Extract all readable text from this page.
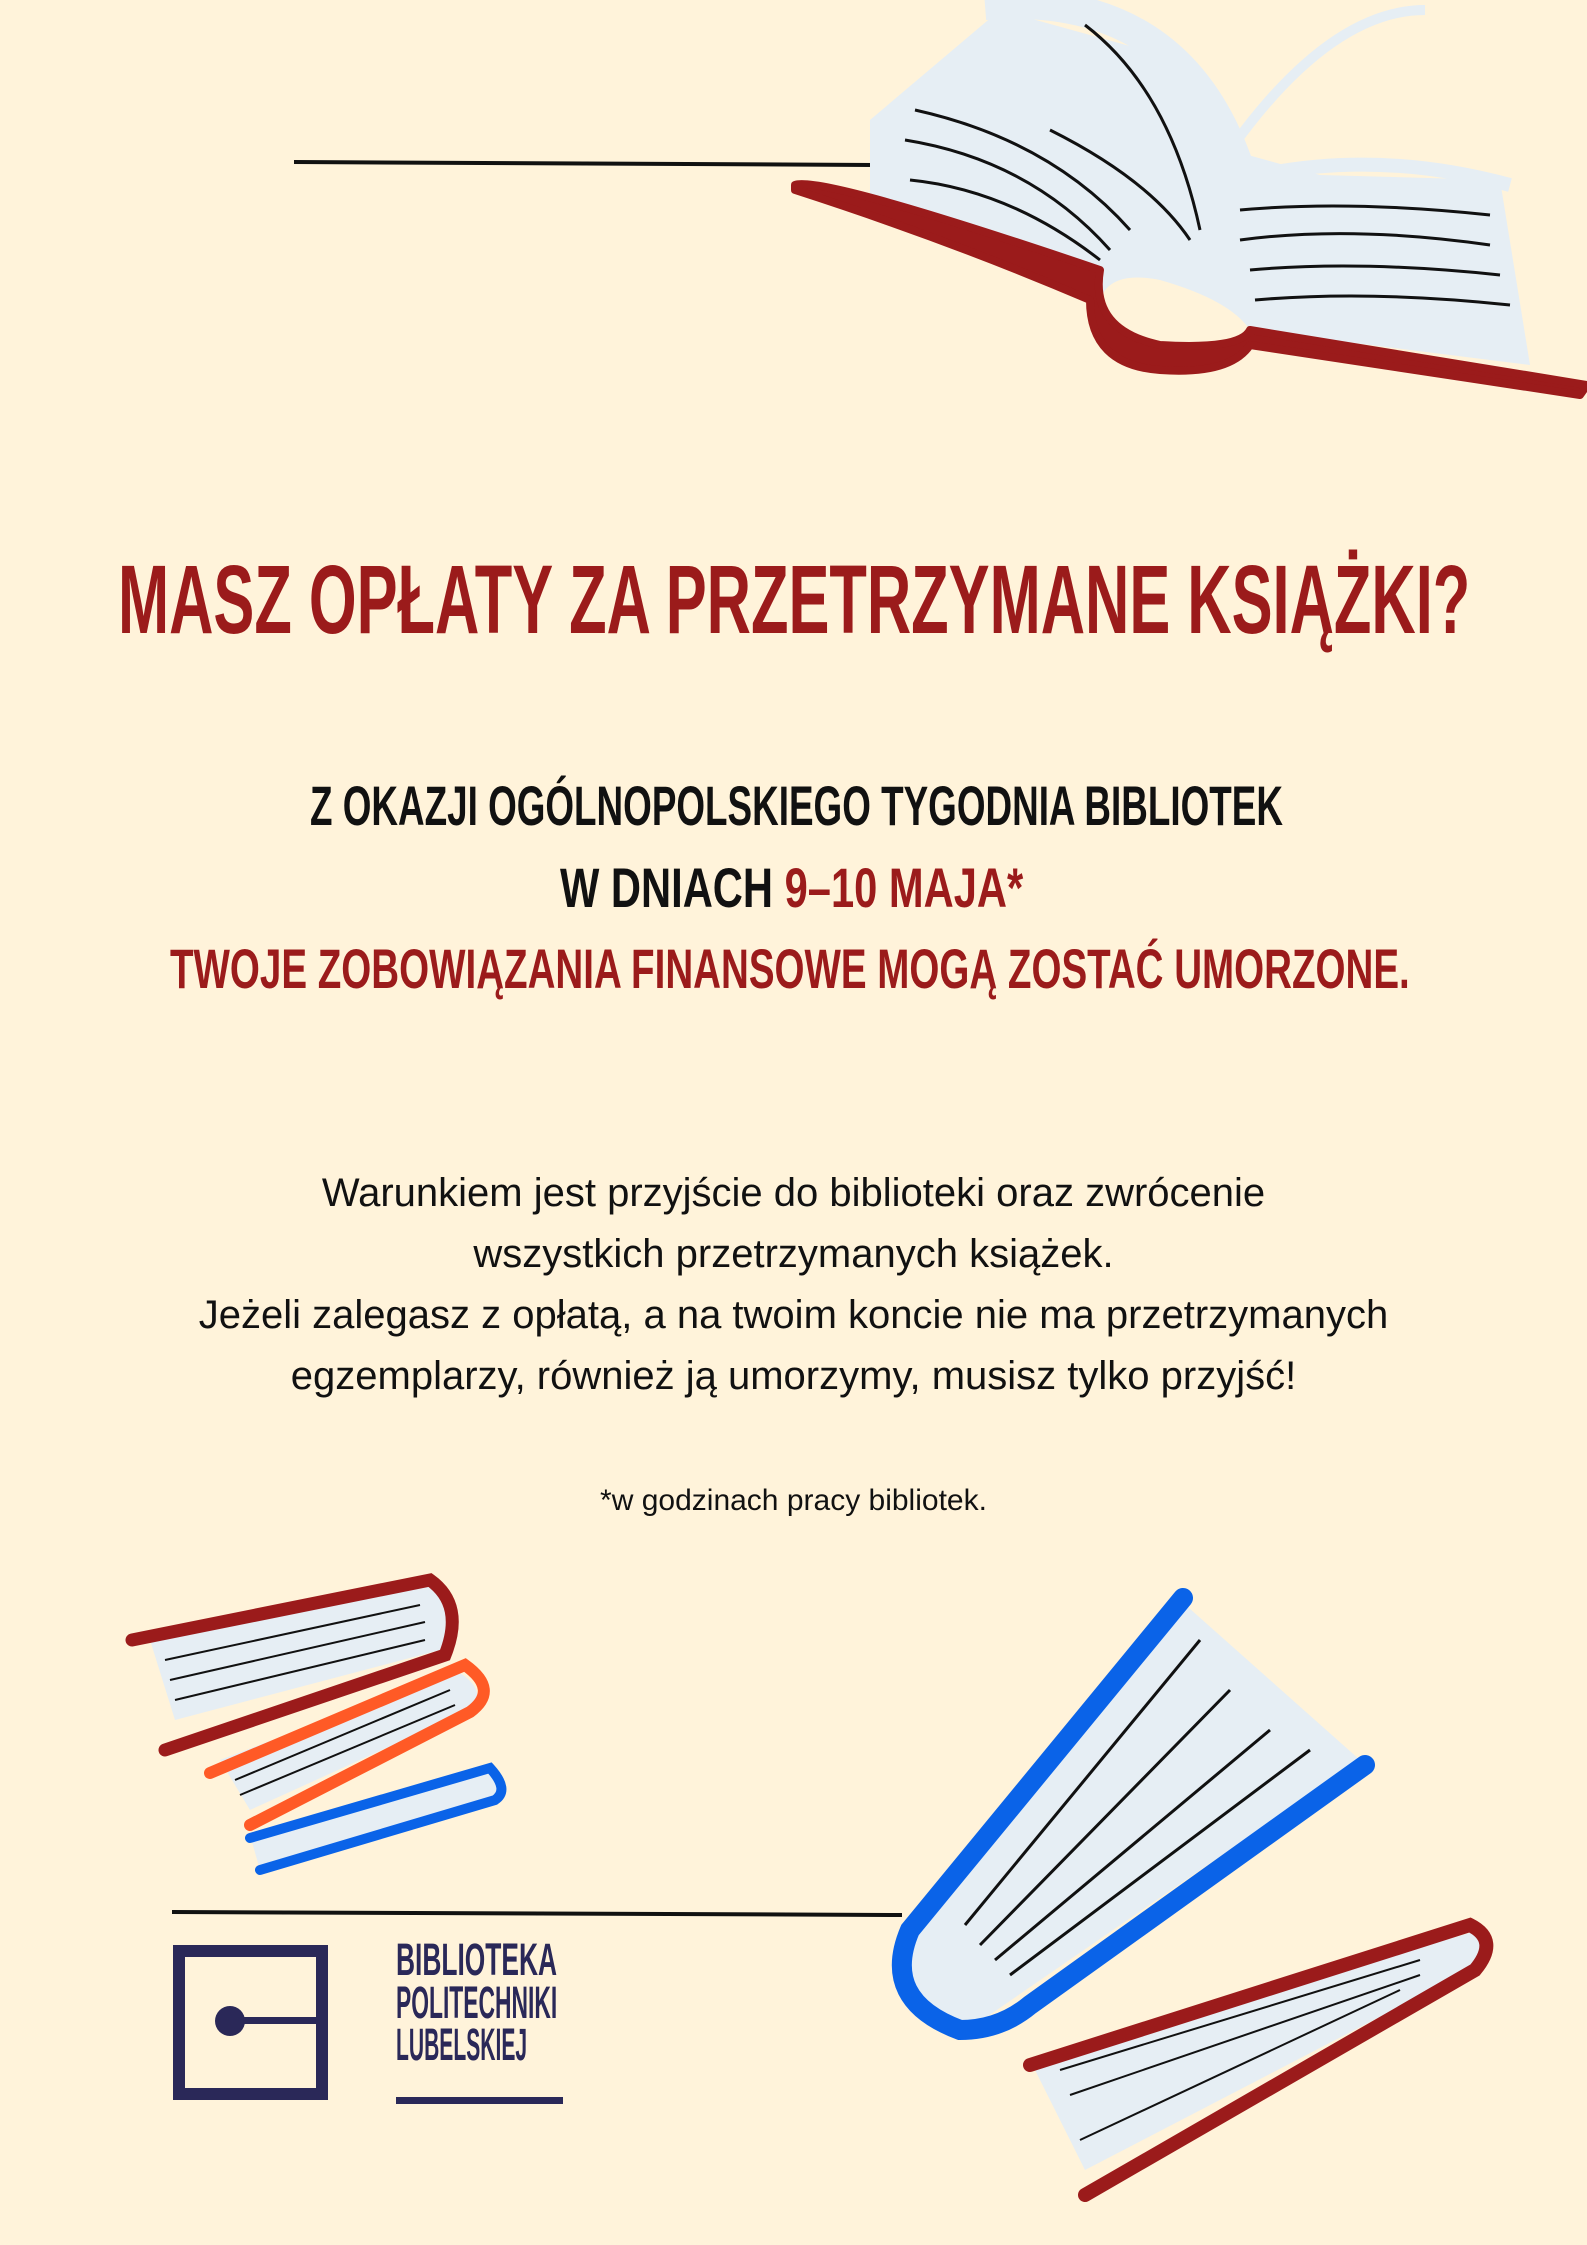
MASZ OPŁATY ZA PRZETRZYMANE KSIĄŻKI?
Z OKAZJI OGÓLNOPOLSKIEGO TYGODNIA BIBLIOTEK
W DNIACH 9–10 MAJA*
TWOJE ZOBOWIĄZANIA FINANSOWE MOGĄ ZOSTAĆ UMORZONE.
Warunkiem jest przyjście do biblioteki oraz zwrócenie
wszystkich przetrzymanych książek.
Jeżeli zalegasz z opłatą, a na twoim koncie nie ma przetrzymanych
egzemplarzy, również ją umorzymy, musisz tylko przyjść!
*w godzinach pracy bibliotek.
BIBLIOTEKA
POLITECHNIKI
LUBELSKIEJ
